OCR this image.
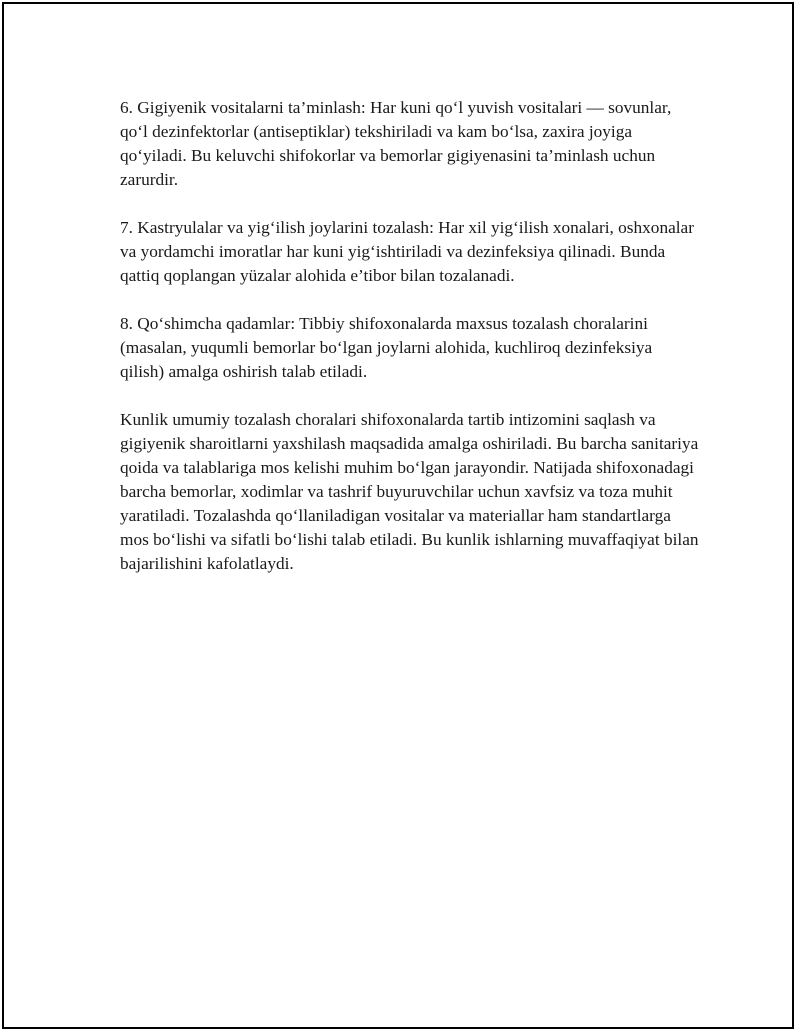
6. Gigiyenik vositalarni ta’minlash: Har kuni qo‘l yuvish vositalari — sovunlar, qo‘l dezinfektorlar (antiseptiklar) tekshiriladi va kam bo‘lsa, zaxira joyiga qo‘yiladi. Bu keluvchi shifokorlar va bemorlar gigiyenasini ta’minlash uchun zarurdir.

7. Kastryulalar va yig‘ilish joylarini tozalash: Har xil yig‘ilish xonalari, oshxonalar va yordamchi imoratlar har kuni yig‘ishtiriladi va dezinfeksiya qilinadi. Bunda qattiq qoplangan yüzalar alohida e’tibor bilan tozalanadi.

8. Qo‘shimcha qadamlar: Tibbiy shifoxonalarda maxsus tozalash choralarini (masalan, yuqumli bemorlar bo‘lgan joylarni alohida, kuchliroq dezinfeksiya qilish) amalga oshirish talab etiladi.

Kunlik umumiy tozalash choralari shifoxonalarda tartib intizomini saqlash va gigiyenik sharoitlarni yaxshilash maqsadida amalga oshiriladi. Bu barcha sanitariya qoida va talablariga mos kelishi muhim bo‘lgan jarayondir. Natijada shifoxonadagi barcha bemorlar, xodimlar va tashrif buyuruvchilar uchun xavfsiz va toza muhit yaratiladi. Tozalashda qo‘llaniladigan vositalar va materiallar ham standartlarga mos bo‘lishi va sifatli bo‘lishi talab etiladi. Bu kunlik ishlarning muvaffaqiyat bilan bajarilishini kafolatlaydi.
